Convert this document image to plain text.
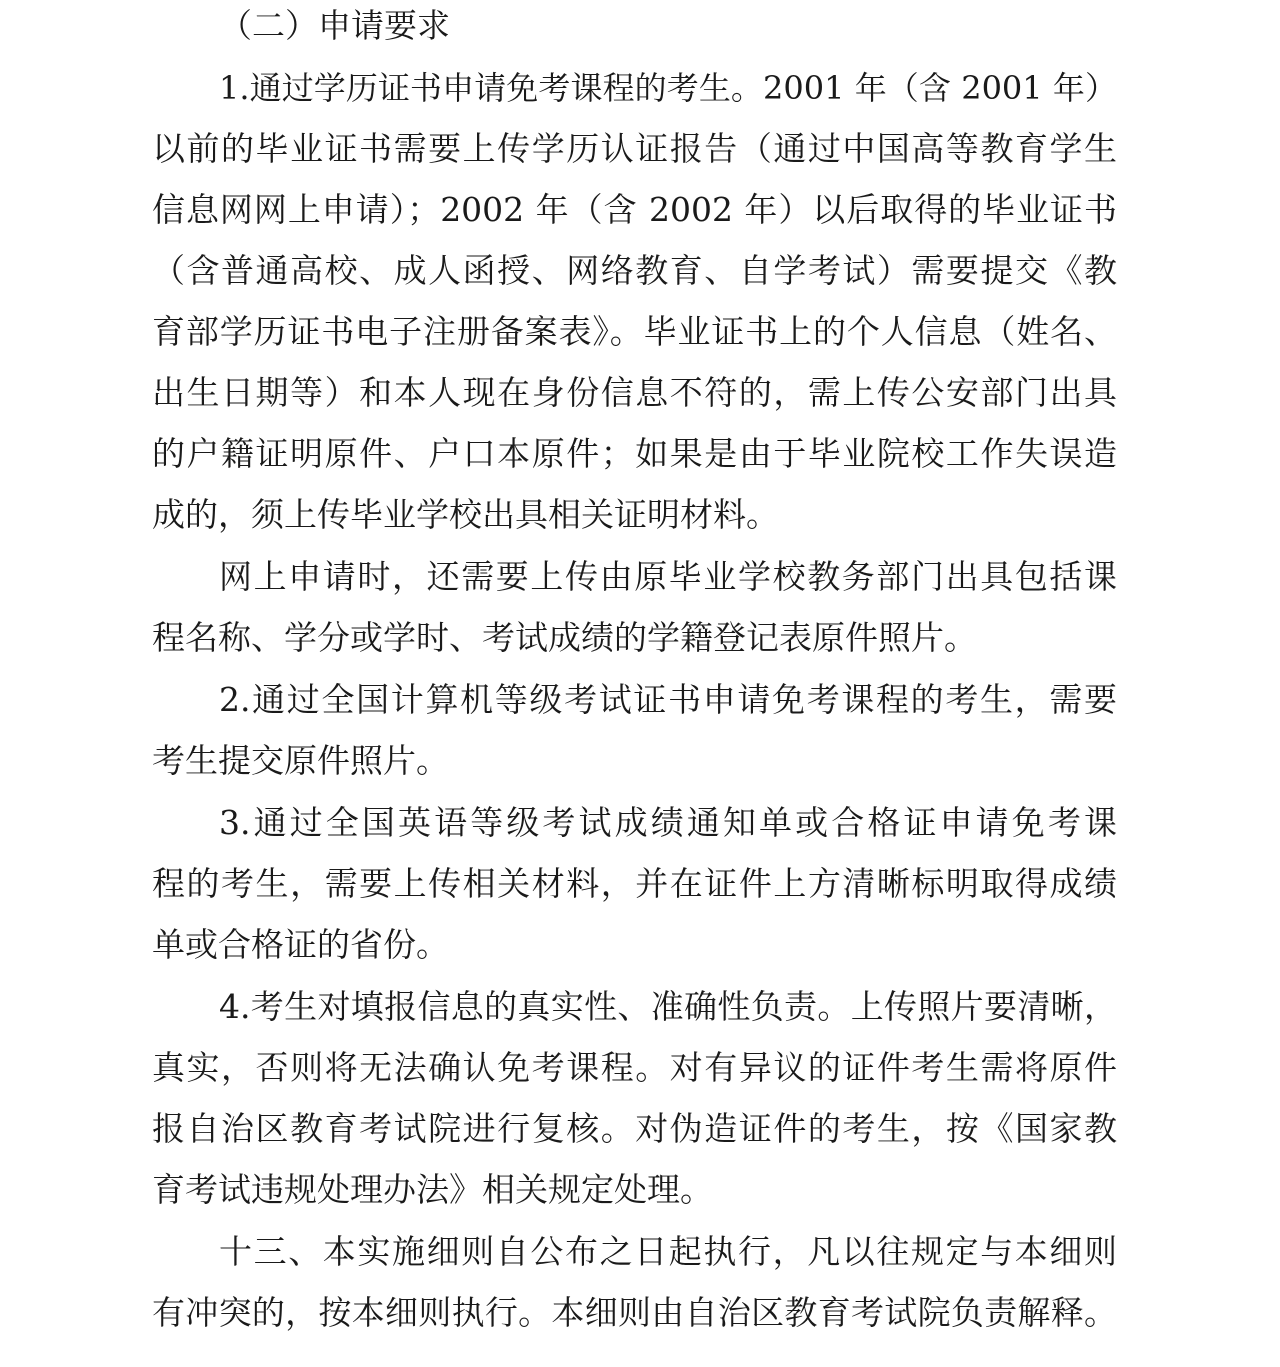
（二）申请要求
1.通过学历证书申请免考课程的考生。2001 年（含 2001 年）
以前的毕业证书需要上传学历认证报告（通过中国高等教育学生
信息网网上申请）；2002 年（含 2002 年）以后取得的毕业证书
（含普通高校、成人函授、网络教育、自学考试）需要提交《教
育部学历证书电子注册备案表》。毕业证书上的个人信息（姓名、
出生日期等）和本人现在身份信息不符的，需上传公安部门出具
的户籍证明原件、户口本原件；如果是由于毕业院校工作失误造
成的，须上传毕业学校出具相关证明材料。
网上申请时，还需要上传由原毕业学校教务部门出具包括课
程名称、学分或学时、考试成绩的学籍登记表原件照片。
2.通过全国计算机等级考试证书申请免考课程的考生，需要
考生提交原件照片。
3.通过全国英语等级考试成绩通知单或合格证申请免考课
程的考生，需要上传相关材料，并在证件上方清晰标明取得成绩
单或合格证的省份。
4.考生对填报信息的真实性、准确性负责。上传照片要清晰，
真实，否则将无法确认免考课程。对有异议的证件考生需将原件
报自治区教育考试院进行复核。对伪造证件的考生，按《国家教
育考试违规处理办法》相关规定处理。
十三、本实施细则自公布之日起执行，凡以往规定与本细则
有冲突的，按本细则执行。本细则由自治区教育考试院负责解释。
